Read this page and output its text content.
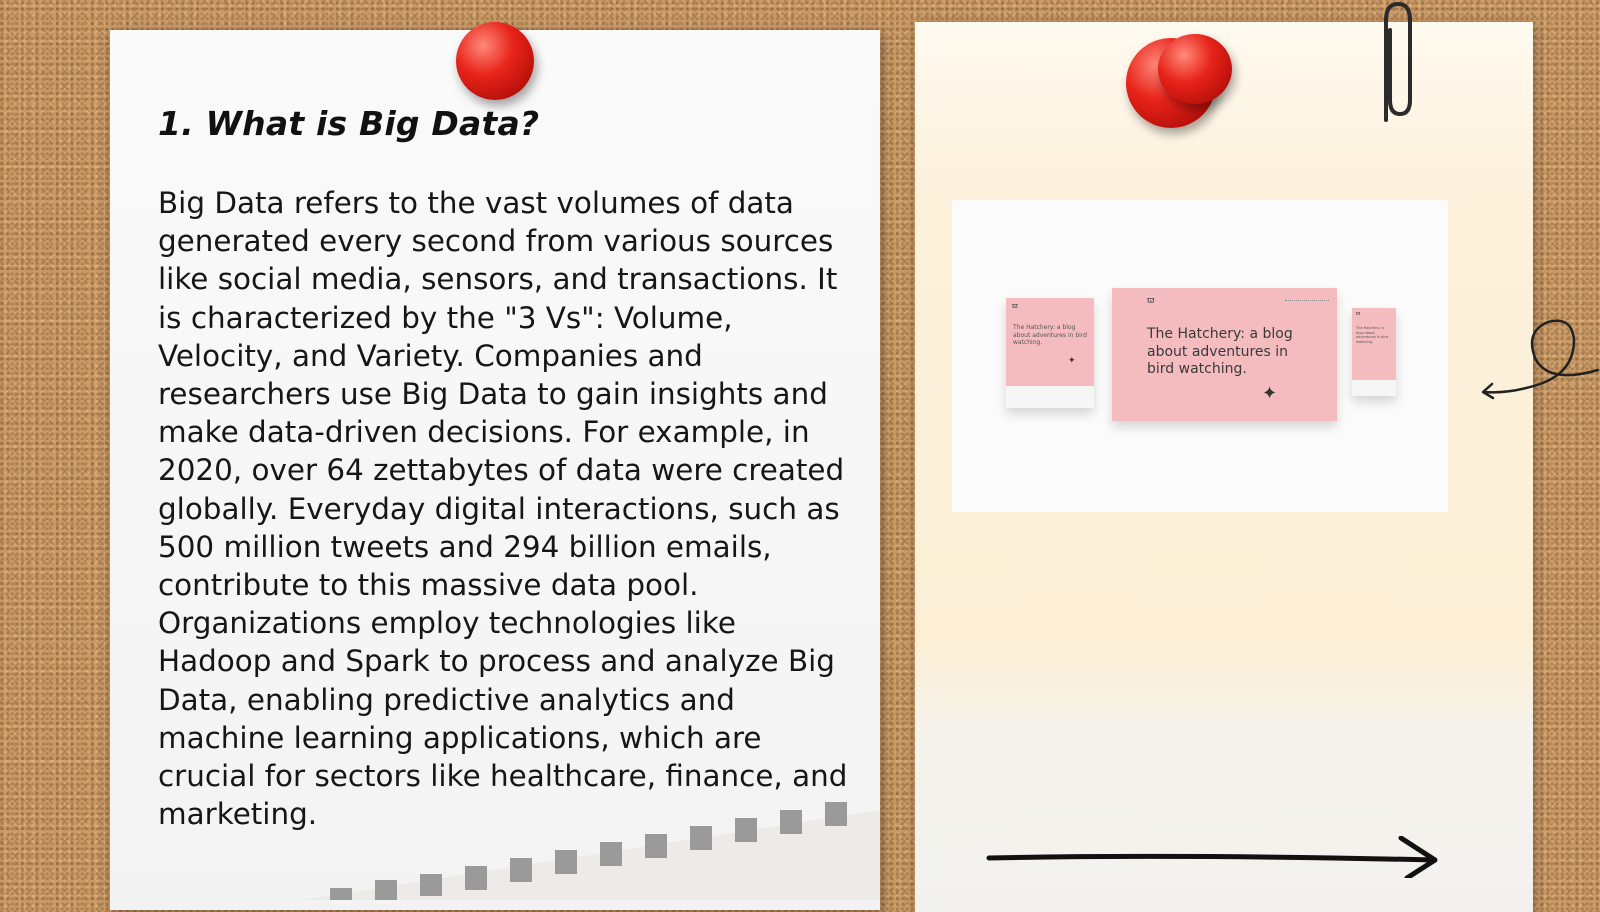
1. What is Big Data?

Big Data refers to the vast volumes of data generated every second from various sources like social media, sensors, and transactions. It is characterized by the "3 Vs": Volume, Velocity, and Variety. Companies and researchers use Big Data to gain insights and make data-driven decisions. For example, in 2020, over 64 zettabytes of data were created globally. Everyday digital interactions, such as 500 million tweets and 294 billion emails, contribute to this massive data pool. Organizations employ technologies like Hadoop and Spark to process and analyze Big Data, enabling predictive analytics and machine learning applications, which are crucial for sectors like healthcare, finance, and marketing.

ϖ

The Hatchery: a blog about adventures in bird watching.

✦
ϖ

The Hatchery: a blog about adventures in bird watching.

✦
ϖ

The Hatchery: a blog about adventures in bird watching.
